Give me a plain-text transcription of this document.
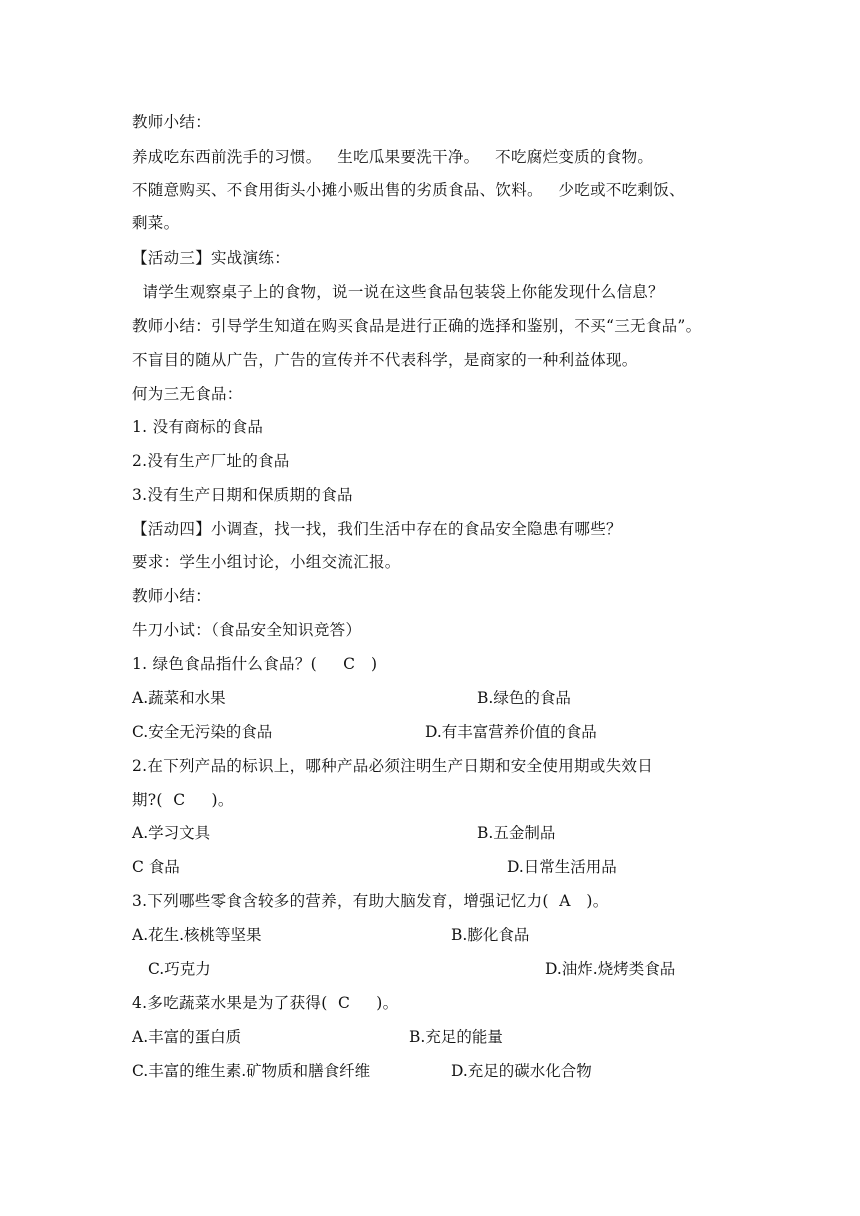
教师小结：
养成吃东西前洗手的习惯。   生吃瓜果要洗干净。   不吃腐烂变质的食物。
不随意购买、不食用街头小摊小贩出售的劣质食品、饮料。   少吃或不吃剩饭、
剩菜。
【活动三】实战演练：
请学生观察桌子上的食物，说一说在这些食品包装袋上你能发现什么信息？
教师小结：引导学生知道在购买食品是进行正确的选择和鉴别，不买“三无食品”。
不盲目的随从广告，广告的宣传并不代表科学，是商家的一种利益体现。
何为三无食品：
1. 没有商标的食品
2.没有生产厂址的食品
3.没有生产日期和保质期的食品
【活动四】小调查，找一找，我们生活中存在的食品安全隐患有哪些？
要求：学生小组讨论，小组交流汇报。
教师小结：
牛刀小试：（食品安全知识竞答）
1. 绿色食品指什么食品？(     C   )
A.蔬菜和水果	B.绿色的食品
C.安全无污染的食品	D.有丰富营养价值的食品
2.在下列产品的标识上，哪种产品必须注明生产日期和安全使用期或失效日
期?(  C     )。
A.学习文具	B.五金制品
C 食品	D.日常生活用品
3.下列哪些零食含较多的营养，有助大脑发育，增强记忆力(  A   )。
A.花生.核桃等坚果	B.膨化食品
C.巧克力	D.油炸.烧烤类食品
4.多吃蔬菜水果是为了获得(  C     )。
A.丰富的蛋白质	B.充足的能量
C.丰富的维生素.矿物质和膳食纤维	D.充足的碳水化合物
